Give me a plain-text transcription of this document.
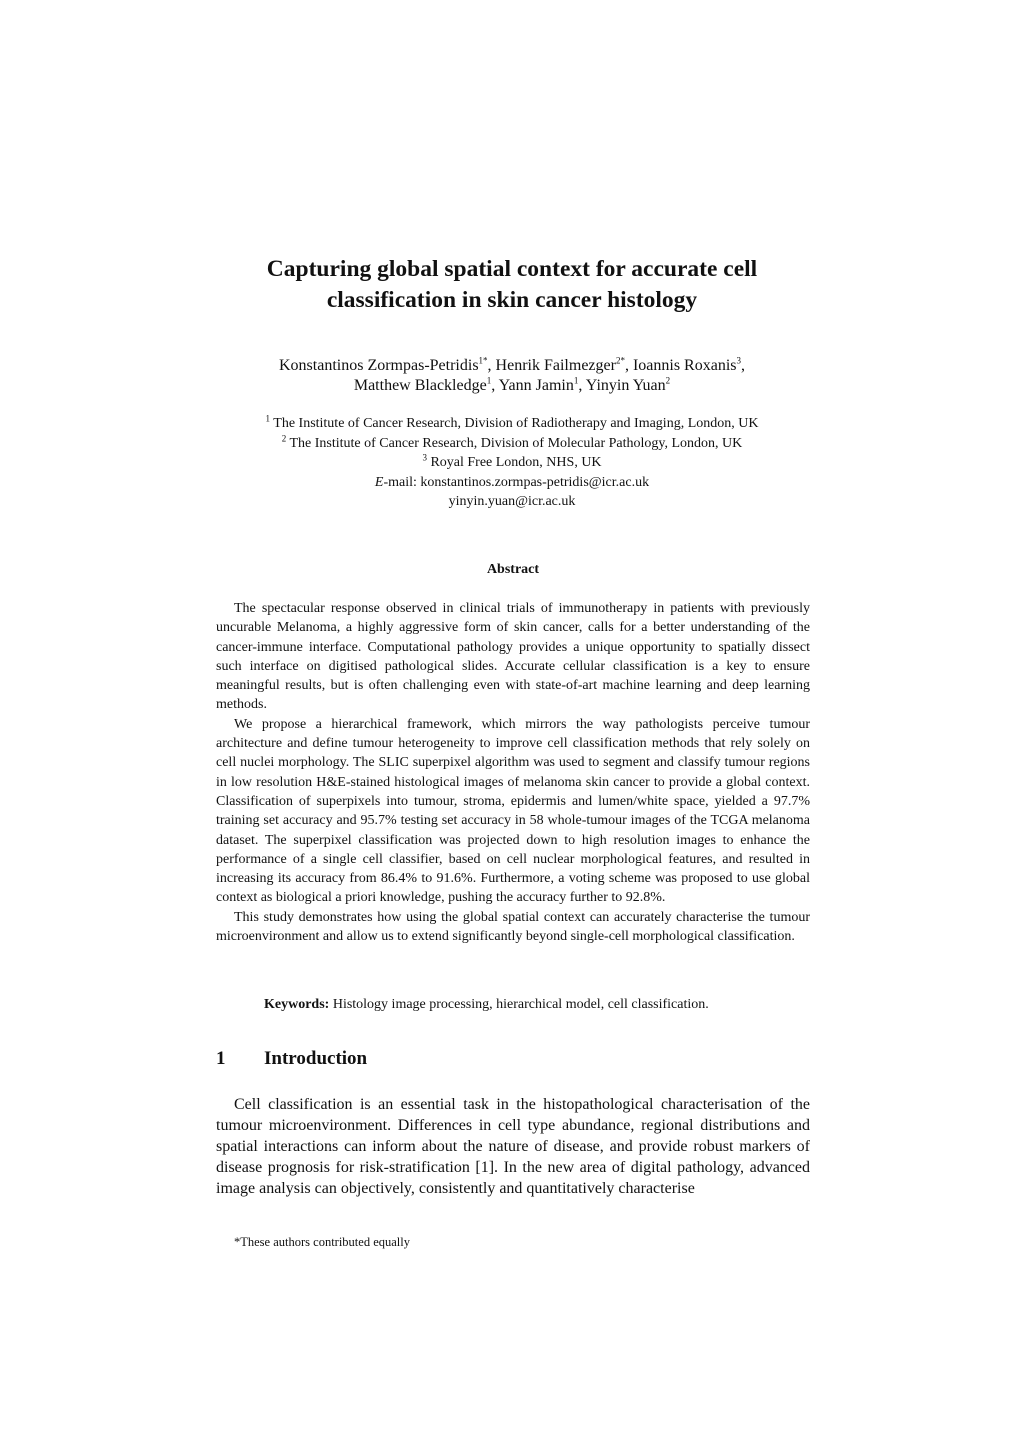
Capturing global spatial context for accurate cell
classification in skin cancer histology
Konstantinos Zormpas-Petridis$^{1*}$, Henrik Failmezger$^{2*}$, Ioannis Roxanis$^3$,
Matthew Blackledge$^1$, Yann Jamin$^1$, Yinyin Yuan$^2$
$^1$ The Institute of Cancer Research, Division of Radiotherapy and Imaging, London, UK
$^2$ The Institute of Cancer Research, Division of Molecular Pathology, London, UK
$^3$ Royal Free London, NHS, UK
E-mail: konstantinos.zormpas-petridis@icr.ac.uk
yinyin.yuan@icr.ac.uk
Abstract

The spectacular response observed in clinical trials of immunotherapy in patients with previously uncurable Melanoma, a highly aggressive form of skin cancer, calls for a better understanding of the cancer-immune interface. Computational pathology provides a unique opportunity to spatially dissect such interface on digitised pathological slides. Accurate cellular classification is a key to ensure meaningful results, but is often challenging even with state-of-art machine learning and deep learning methods.

We propose a hierarchical framework, which mirrors the way pathologists perceive tumour architecture and define tumour heterogeneity to improve cell classification methods that rely solely on cell nuclei morphology. The SLIC superpixel algorithm was used to segment and classify tumour regions in low resolution H&E-stained histological images of melanoma skin cancer to provide a global context. Classification of superpixels into tumour, stroma, epidermis and lumen/white space, yielded a 97.7% training set accuracy and 95.7% testing set accuracy in 58 whole-tumour images of the TCGA melanoma dataset. The superpixel classification was projected down to high resolution images to enhance the performance of a single cell classifier, based on cell nuclear morphological features, and resulted in increasing its accuracy from 86.4% to 91.6%. Furthermore, a voting scheme was proposed to use global context as biological a priori knowledge, pushing the accuracy further to 92.8%.

This study demonstrates how using the global spatial context can accurately characterise the tumour microenvironment and allow us to extend significantly beyond single-cell morphological classification.

Keywords: Histology image processing, hierarchical model, cell classification.
1 Introduction

Cell classification is an essential task in the histopathological characterisation of the tumour microenvironment. Differences in cell type abundance, regional distributions and spatial interactions can inform about the nature of disease, and provide robust markers of disease prognosis for risk-stratification [1]. In the new area of digital pathology, advanced image analysis can objectively, consistently and quantitatively characterise

*These authors contributed equally
